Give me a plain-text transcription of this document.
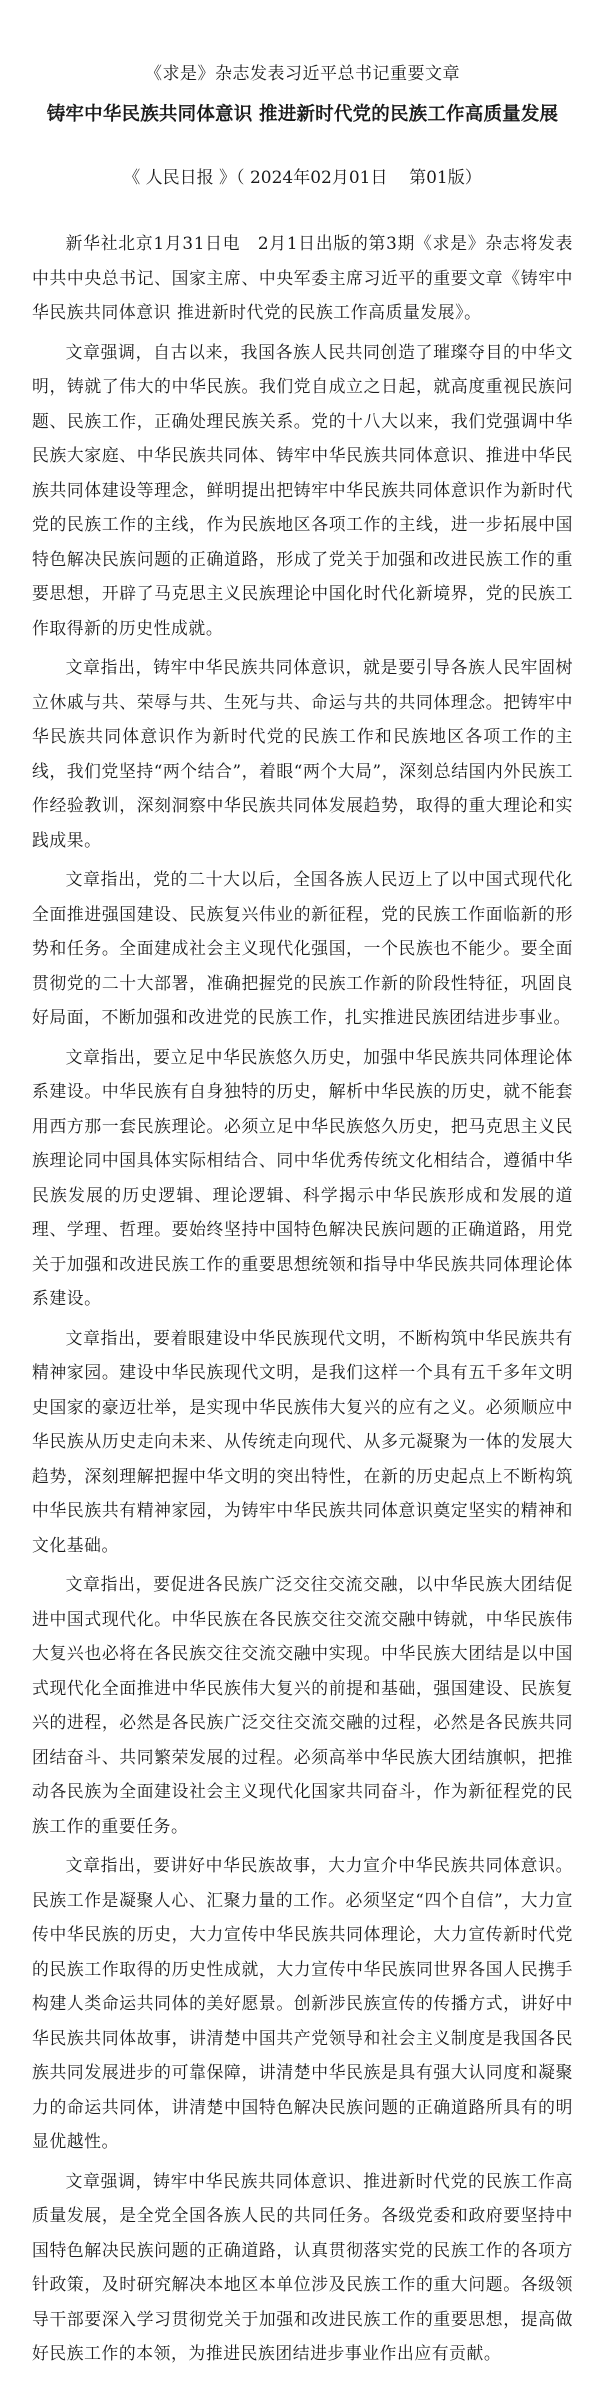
《求是》杂志发表习近平总书记重要文章
铸牢中华民族共同体意识 推进新时代党的民族工作高质量发展
《 人民日报 》（ 2024年02月01日    第01版）

新华社北京1月31日电　2月1日出版的第3期《求是》杂志将发表中共中央总书记、国家主席、中央军委主席习近平的重要文章《铸牢中华民族共同体意识 推进新时代党的民族工作高质量发展》。

文章强调，自古以来，我国各族人民共同创造了璀璨夺目的中华文明，铸就了伟大的中华民族。我们党自成立之日起，就高度重视民族问题、民族工作，正确处理民族关系。党的十八大以来，我们党强调中华民族大家庭、中华民族共同体、铸牢中华民族共同体意识、推进中华民族共同体建设等理念，鲜明提出把铸牢中华民族共同体意识作为新时代党的民族工作的主线，作为民族地区各项工作的主线，进一步拓展中国特色解决民族问题的正确道路，形成了党关于加强和改进民族工作的重要思想，开辟了马克思主义民族理论中国化时代化新境界，党的民族工作取得新的历史性成就。

文章指出，铸牢中华民族共同体意识，就是要引导各族人民牢固树立休戚与共、荣辱与共、生死与共、命运与共的共同体理念。把铸牢中华民族共同体意识作为新时代党的民族工作和民族地区各项工作的主线，我们党坚持“两个结合”，着眼“两个大局”，深刻总结国内外民族工作经验教训，深刻洞察中华民族共同体发展趋势，取得的重大理论和实践成果。

文章指出，党的二十大以后，全国各族人民迈上了以中国式现代化全面推进强国建设、民族复兴伟业的新征程，党的民族工作面临新的形势和任务。全面建成社会主义现代化强国，一个民族也不能少。要全面贯彻党的二十大部署，准确把握党的民族工作新的阶段性特征，巩固良好局面，不断加强和改进党的民族工作，扎实推进民族团结进步事业。

文章指出，要立足中华民族悠久历史，加强中华民族共同体理论体系建设。中华民族有自身独特的历史，解析中华民族的历史，就不能套用西方那一套民族理论。必须立足中华民族悠久历史，把马克思主义民族理论同中国具体实际相结合、同中华优秀传统文化相结合，遵循中华民族发展的历史逻辑、理论逻辑、科学揭示中华民族形成和发展的道理、学理、哲理。要始终坚持中国特色解决民族问题的正确道路，用党关于加强和改进民族工作的重要思想统领和指导中华民族共同体理论体系建设。

文章指出，要着眼建设中华民族现代文明，不断构筑中华民族共有精神家园。建设中华民族现代文明，是我们这样一个具有五千多年文明史国家的豪迈壮举，是实现中华民族伟大复兴的应有之义。必须顺应中华民族从历史走向未来、从传统走向现代、从多元凝聚为一体的发展大趋势，深刻理解把握中华文明的突出特性，在新的历史起点上不断构筑中华民族共有精神家园，为铸牢中华民族共同体意识奠定坚实的精神和文化基础。

文章指出，要促进各民族广泛交往交流交融，以中华民族大团结促进中国式现代化。中华民族在各民族交往交流交融中铸就，中华民族伟大复兴也必将在各民族交往交流交融中实现。中华民族大团结是以中国式现代化全面推进中华民族伟大复兴的前提和基础，强国建设、民族复兴的进程，必然是各民族广泛交往交流交融的过程，必然是各民族共同团结奋斗、共同繁荣发展的过程。必须高举中华民族大团结旗帜，把推动各民族为全面建设社会主义现代化国家共同奋斗，作为新征程党的民族工作的重要任务。

文章指出，要讲好中华民族故事，大力宣介中华民族共同体意识。民族工作是凝聚人心、汇聚力量的工作。必须坚定“四个自信”，大力宣传中华民族的历史，大力宣传中华民族共同体理论，大力宣传新时代党的民族工作取得的历史性成就，大力宣传中华民族同世界各国人民携手构建人类命运共同体的美好愿景。创新涉民族宣传的传播方式，讲好中华民族共同体故事，讲清楚中国共产党领导和社会主义制度是我国各民族共同发展进步的可靠保障，讲清楚中华民族是具有强大认同度和凝聚力的命运共同体，讲清楚中国特色解决民族问题的正确道路所具有的明显优越性。

文章强调，铸牢中华民族共同体意识、推进新时代党的民族工作高质量发展，是全党全国各族人民的共同任务。各级党委和政府要坚持中国特色解决民族问题的正确道路，认真贯彻落实党的民族工作的各项方针政策，及时研究解决本地区本单位涉及民族工作的重大问题。各级领导干部要深入学习贯彻党关于加强和改进民族工作的重要思想，提高做好民族工作的本领，为推进民族团结进步事业作出应有贡献。
